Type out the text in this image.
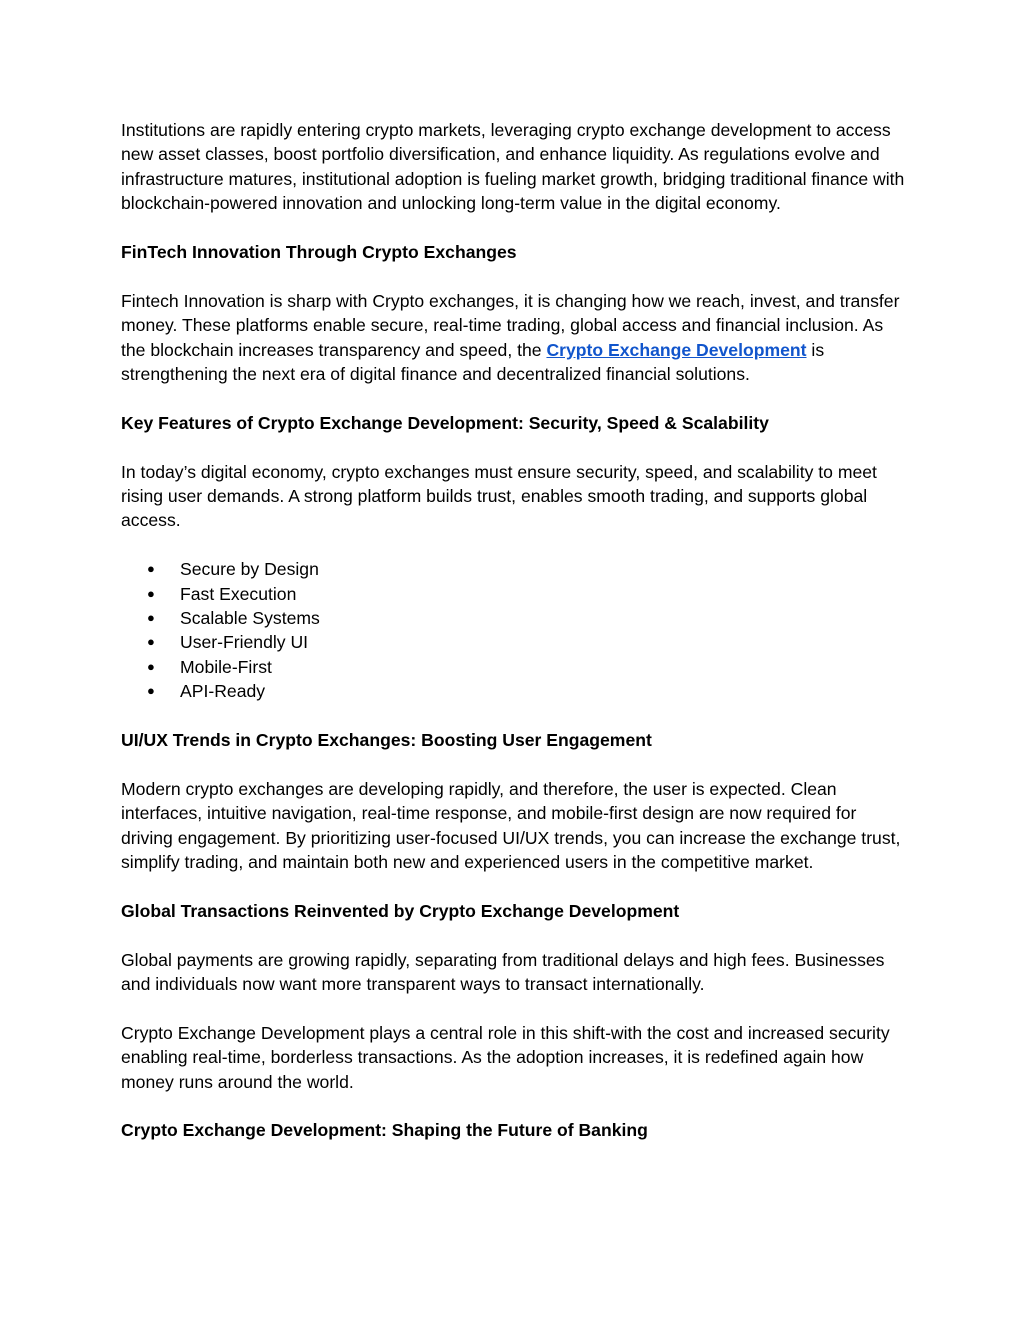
Institutions are rapidly entering crypto markets, leveraging crypto exchange development to access new asset classes, boost portfolio diversification, and enhance liquidity. As regulations evolve and infrastructure matures, institutional adoption is fueling market growth, bridging traditional finance with blockchain-powered innovation and unlocking long-term value in the digital economy.

FinTech Innovation Through Crypto Exchanges

Fintech Innovation is sharp with Crypto exchanges, it is changing how we reach, invest, and transfer money. These platforms enable secure, real-time trading, global access and financial inclusion. As the blockchain increases transparency and speed, the Crypto Exchange Development is strengthening the next era of digital finance and decentralized financial solutions.

Key Features of Crypto Exchange Development: Security, Speed & Scalability

In today’s digital economy, crypto exchanges must ensure security, speed, and scalability to meet rising user demands. A strong platform builds trust, enables smooth trading, and supports global access.

● Secure by Design
● Fast Execution
● Scalable Systems
● User-Friendly UI
● Mobile-First
● API-Ready
UI/UX Trends in Crypto Exchanges: Boosting User Engagement

Modern crypto exchanges are developing rapidly, and therefore, the user is expected. Clean interfaces, intuitive navigation, real-time response, and mobile-first design are now required for driving engagement. By prioritizing user-focused UI/UX trends, you can increase the exchange trust, simplify trading, and maintain both new and experienced users in the competitive market.

Global Transactions Reinvented by Crypto Exchange Development

Global payments are growing rapidly, separating from traditional delays and high fees. Businesses and individuals now want more transparent ways to transact internationally.

Crypto Exchange Development plays a central role in this shift-with the cost and increased security enabling real-time, borderless transactions. As the adoption increases, it is redefined again how money runs around the world.

Crypto Exchange Development: Shaping the Future of Banking
